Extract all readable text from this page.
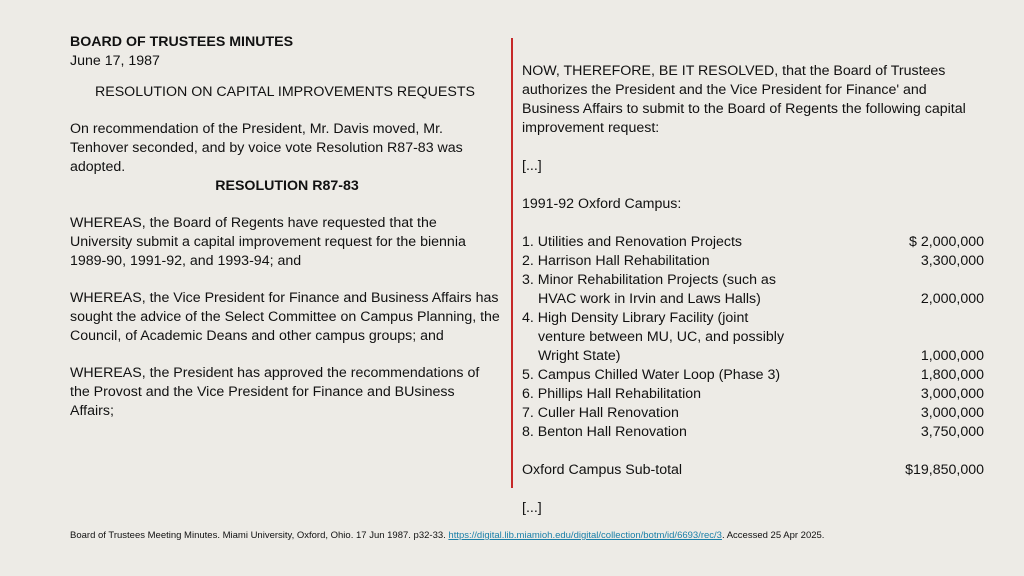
BOARD OF TRUSTEES MINUTES

June 17, 1987

RESOLUTION ON CAPITAL IMPROVEMENTS REQUESTS

On recommendation of the President, Mr. Davis moved, Mr. Tenhover seconded, and by voice vote Resolution R87-83 was adopted.

RESOLUTION R87-83

WHEREAS, the Board of Regents have requested that the University submit a capital improvement request for the biennia 1989-90, 1991-92, and 1993-94; and

WHEREAS, the Vice President for Finance and Business Affairs has sought the advice of the Select Committee on Campus Planning, the Council, of Academic Deans and other campus groups; and

WHEREAS, the President has approved the recommendations of the Provost and the Vice President for Finance and BUsiness Affairs;

NOW, THEREFORE, BE IT RESOLVED, that the Board of Trustees authorizes the President and the Vice President for Finance' and Business Affairs to submit to the Board of Regents the following capital improvement request:

[...]

1991-92 Oxford Campus:

1. Utilities and Renovation Projects	$ 2,000,000
2. Harrison Hall Rehabilitation	3,300,000
3. Minor Rehabilitation Projects (such as
HVAC work in Irvin and Laws Halls)	2,000,000
4. High Density Library Facility (joint
venture between MU, UC, and possibly
Wright State)	1,000,000
5. Campus Chilled Water Loop (Phase 3)	1,800,000
6. Phillips Hall Rehabilitation	3,000,000
7. Culler Hall Renovation	3,000,000
8. Benton Hall Renovation	3,750,000
Oxford Campus Sub-total	$19,850,000

[...]

Board of Trustees Meeting Minutes. Miami University, Oxford, Ohio. 17 Jun 1987. p32-33. https://digital.lib.miamioh.edu/digital/collection/botm/id/6693/rec/3. Accessed 25 Apr 2025.
